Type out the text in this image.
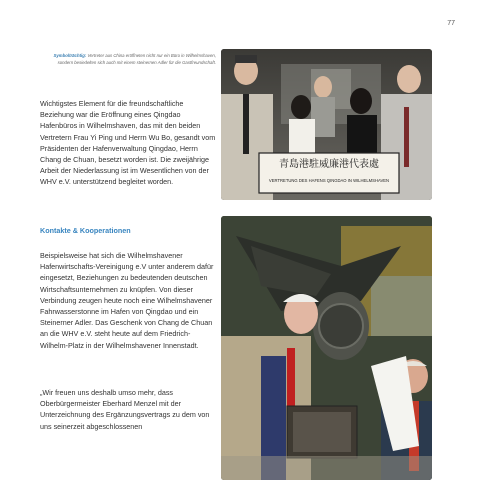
77
Symbolträchtig: Vertreter aus China eröffneten nicht nur ein Büro in Wilhelmshaven, sondern besiedelten sich auch mit einem steinernen Adler für die Gastfreundschaft.

Wichtigstes Element für die freundschaftliche Beziehung war die Eröffnung eines Qingdao Hafenbüros in Wilhelmshaven, das mit den beiden Vertretern Frau Yi Ping und Herrn Wu Bo, gesandt vom Präsidenten der Hafenverwaltung Qingdao, Herrn Chang de Chuan, besetzt worden ist. Die zweijährige Arbeit der Niederlassung ist im Wesentlichen von der WHV e.V. unterstützend begleitet worden.

Kontakte & Kooperationen

Beispielsweise hat sich die Wilhelmshavener Hafenwirtschafts-Vereinigung e.V unter anderem dafür eingesetzt, Beziehungen zu bedeutenden deutschen Wirtschaftsunternehmen zu knüpfen. Von dieser Verbindung zeugen heute noch eine Wilhelmshavener Fahrwasserstonne im Hafen von Qingdao und ein Steinerner Adler. Das Geschenk von Chang de Chuan an die WHV e.V. steht heute auf dem Friedrich-Wilhelm-Platz in der Wilhelmshavener Innenstadt.

„Wir freuen uns deshalb umso mehr, dass Oberbürgermeister Eberhard Menzel mit der Unterzeichnung des Ergänzungsvertrags zu dem von uns seinerzeit abgeschlossenen

青島港駐威廉港代表處
VERTRETUNG DES HAFENS QINGDAO IN WILHELMSHAVEN
